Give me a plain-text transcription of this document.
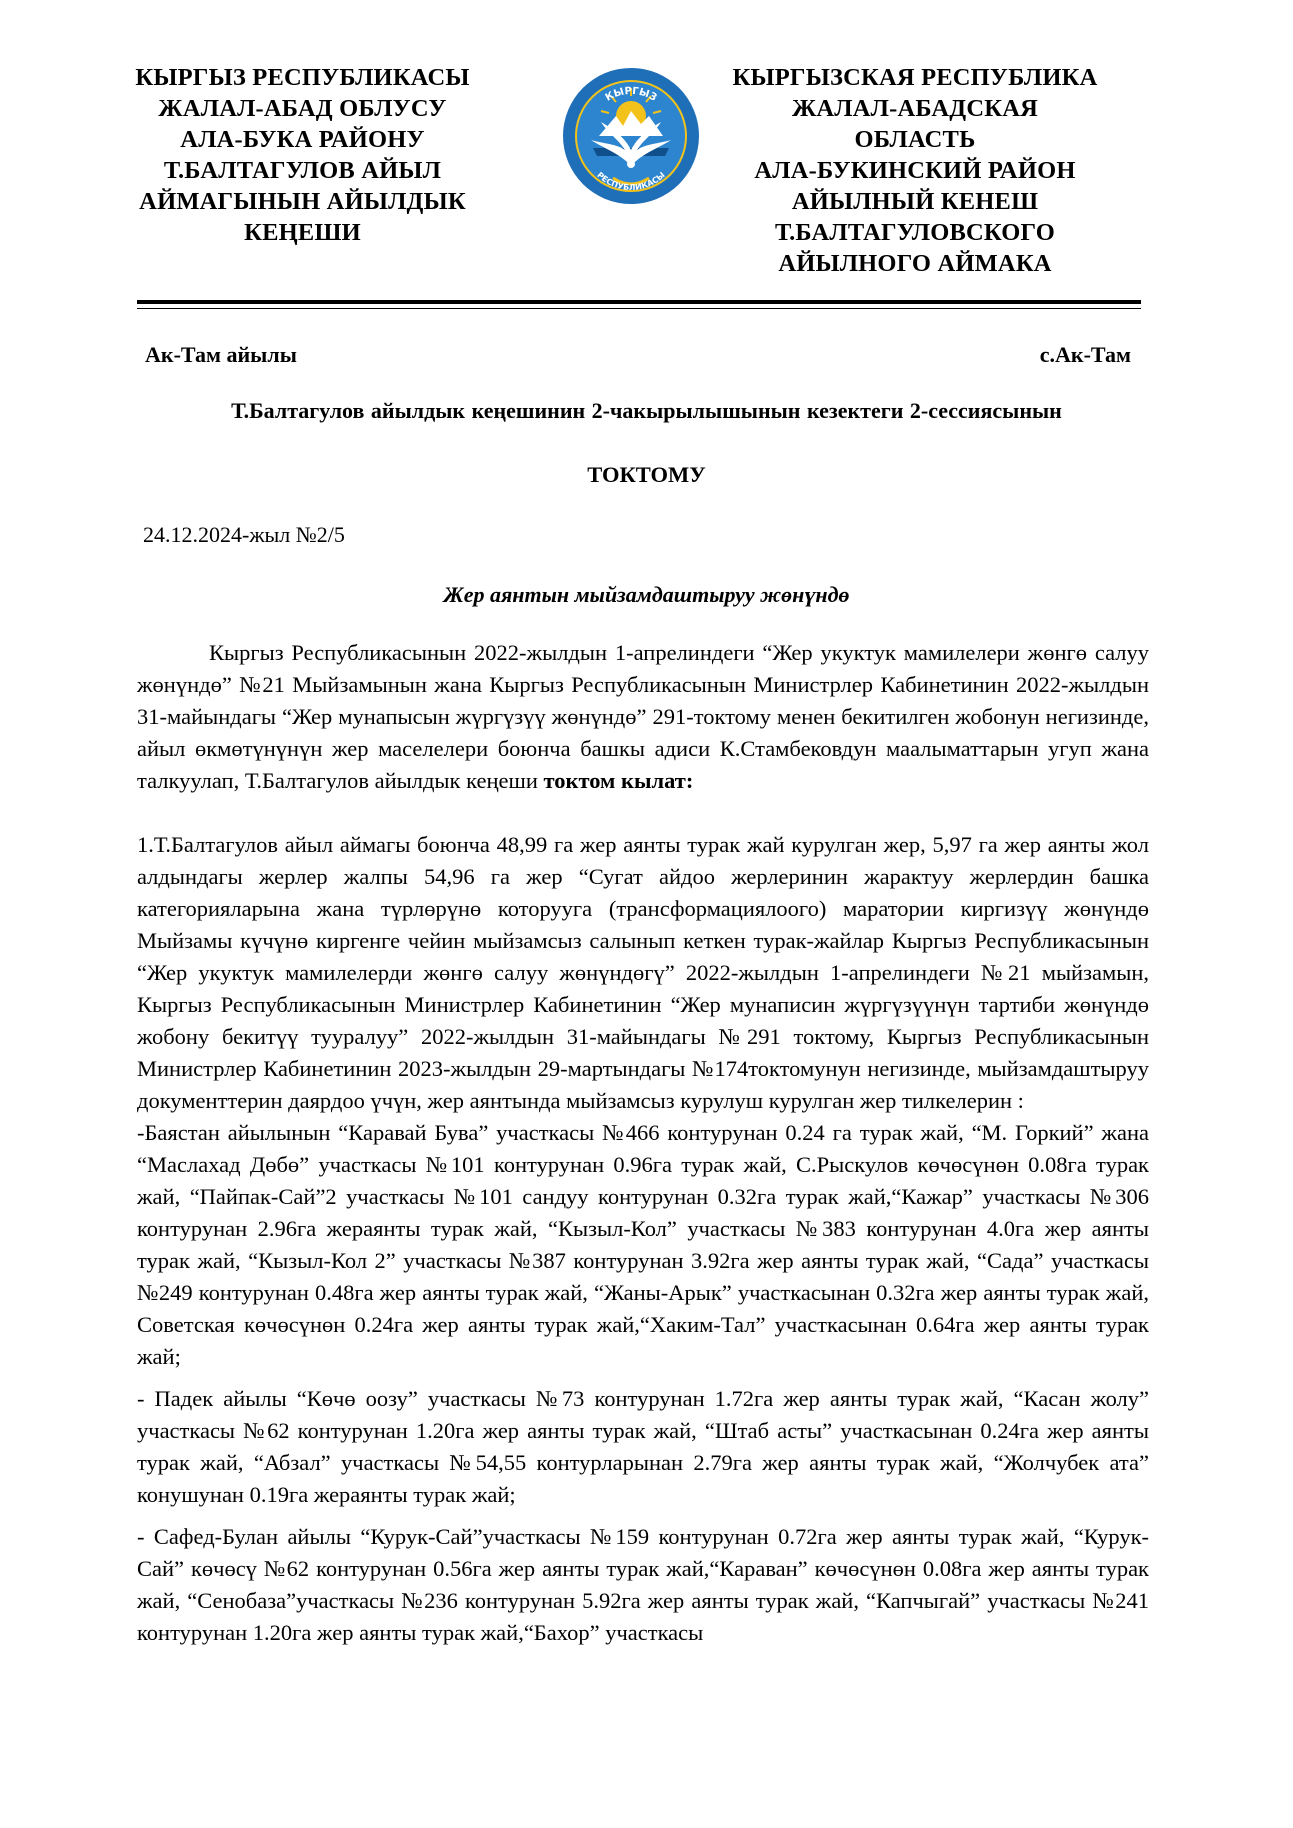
КЫРГЫЗ РЕСПУБЛИКАСЫ
ЖАЛАЛ-АБАД ОБЛУСУ
АЛА-БУКА РАЙОНУ
Т.БАЛТАГУЛОВ АЙЫЛ
АЙМАГЫНЫН АЙЫЛДЫК
КЕҢЕШИ
КЫРГЫЗ
РЕСПУБЛИКАСЫ
КЫРГЫЗСКАЯ РЕСПУБЛИКА
ЖАЛАЛ-АБАДСКАЯ
ОБЛАСТЬ
АЛА-БУКИНСКИЙ РАЙОН
АЙЫЛНЫЙ КЕНЕШ
Т.БАЛТАГУЛОВСКОГО
АЙЫЛНОГО АЙМАКА
Ак-Там айылы	с.Ак-Там
Т.Балтагулов айылдык кеңешинин 2-чакырылышынын кезектеги 2-сессиясынын
ТОКТОМУ
24.12.2024-жыл №2/5
Жер аянтын мыйзамдаштыруу жөнүндө

Кыргыз Республикасынын 2022-жылдын 1-апрелиндеги “Жер укуктук мамилелери жөнгө салуу жөнүндө” №21 Мыйзамынын жана Кыргыз Республикасынын Министрлер Кабинетинин 2022-жылдын 31-майындагы “Жер мунапысын жүргүзүү жөнүндө” 291-токтому менен бекитилген жобонун негизинде, айыл өкмөтүнүнүн жер маселелери боюнча башкы адиси К.Стамбековдун маалыматтарын угуп жана талкуулап, Т.Балтагулов айылдык кеңеши токтом кылат:

1.Т.Балтагулов айыл аймагы боюнча 48,99 га жер аянты турак жай курулган жер, 5,97 га жер аянты жол алдындагы жерлер жалпы 54,96 га жер “Сугат айдоо жерлеринин жарактуу жерлердин башка категорияларына жана түрлөрүнө которууга (трансформациялоого) маратории киргизүү жөнүндө Мыйзамы күчүнө киргенге чейин мыйзамсыз салынып кеткен турак-жайлар Кыргыз Республикасынын “Жер укуктук мамилелерди жөнгө салуу жөнүндөгү” 2022-жылдын 1-апрелиндеги №21 мыйзамын, Кыргыз Республикасынын Министрлер Кабинетинин “Жер мунаписин жүргүзүүнүн тартиби жөнүндө жобону бекитүү тууралуу” 2022-жылдын 31-майындагы №291 токтому, Кыргыз Республикасынын Министрлер Кабинетинин 2023-жылдын 29-мартындагы №174токтомунун негизинде, мыйзамдаштыруу документтерин даярдоо үчүн, жер аянтында мыйзамсыз курулуш курулган жер тилкелерин :

-Баястан айылынын “Каравай Бува” участкасы №466 контурунан 0.24 га турак жай, “М. Горкий” жана “Маслахад Дөбө” участкасы №101 контурунан 0.96га турак жай, С.Рыскулов көчөсүнөн 0.08га турак жай, “Пайпак-Сай”2 участкасы №101 сандуу контурунан 0.32га турак жай,“Кажар” участкасы №306 контурунан 2.96га жераянты турак жай, “Кызыл-Кол” участкасы №383 контурунан 4.0га жер аянты турак жай, “Кызыл-Кол 2” участкасы №387 контурунан 3.92га жер аянты турак жай, “Сада” участкасы №249 контурунан 0.48га жер аянты турак жай, “Жаны-Арык” участкасынан 0.32га жер аянты турак жай, Советская көчөсүнөн 0.24га жер аянты турак жай,“Хаким-Тал” участкасынан 0.64га жер аянты турак жай;

- Падек айылы “Көчө оозу” участкасы №73 контурунан 1.72га жер аянты турак жай, “Касан жолу” участкасы №62 контурунан 1.20га жер аянты турак жай, “Штаб асты” участкасынан 0.24га жер аянты турак жай, “Абзал” участкасы №54,55 контурларынан 2.79га жер аянты турак жай, “Жолчубек ата” конушунан 0.19га жераянты турак жай;

- Сафед-Булан айылы “Курук-Сай”участкасы №159 контурунан 0.72га жер аянты турак жай, “Курук-Сай” көчөсү №62 контурунан 0.56га жер аянты турак жай,“Караван” көчөсүнөн 0.08га жер аянты турак жай, “Сенобаза”участкасы №236 контурунан 5.92га жер аянты турак жай, “Капчыгай” участкасы №241 контурунан 1.20га жер аянты турак жай,“Бахор” участкасы
